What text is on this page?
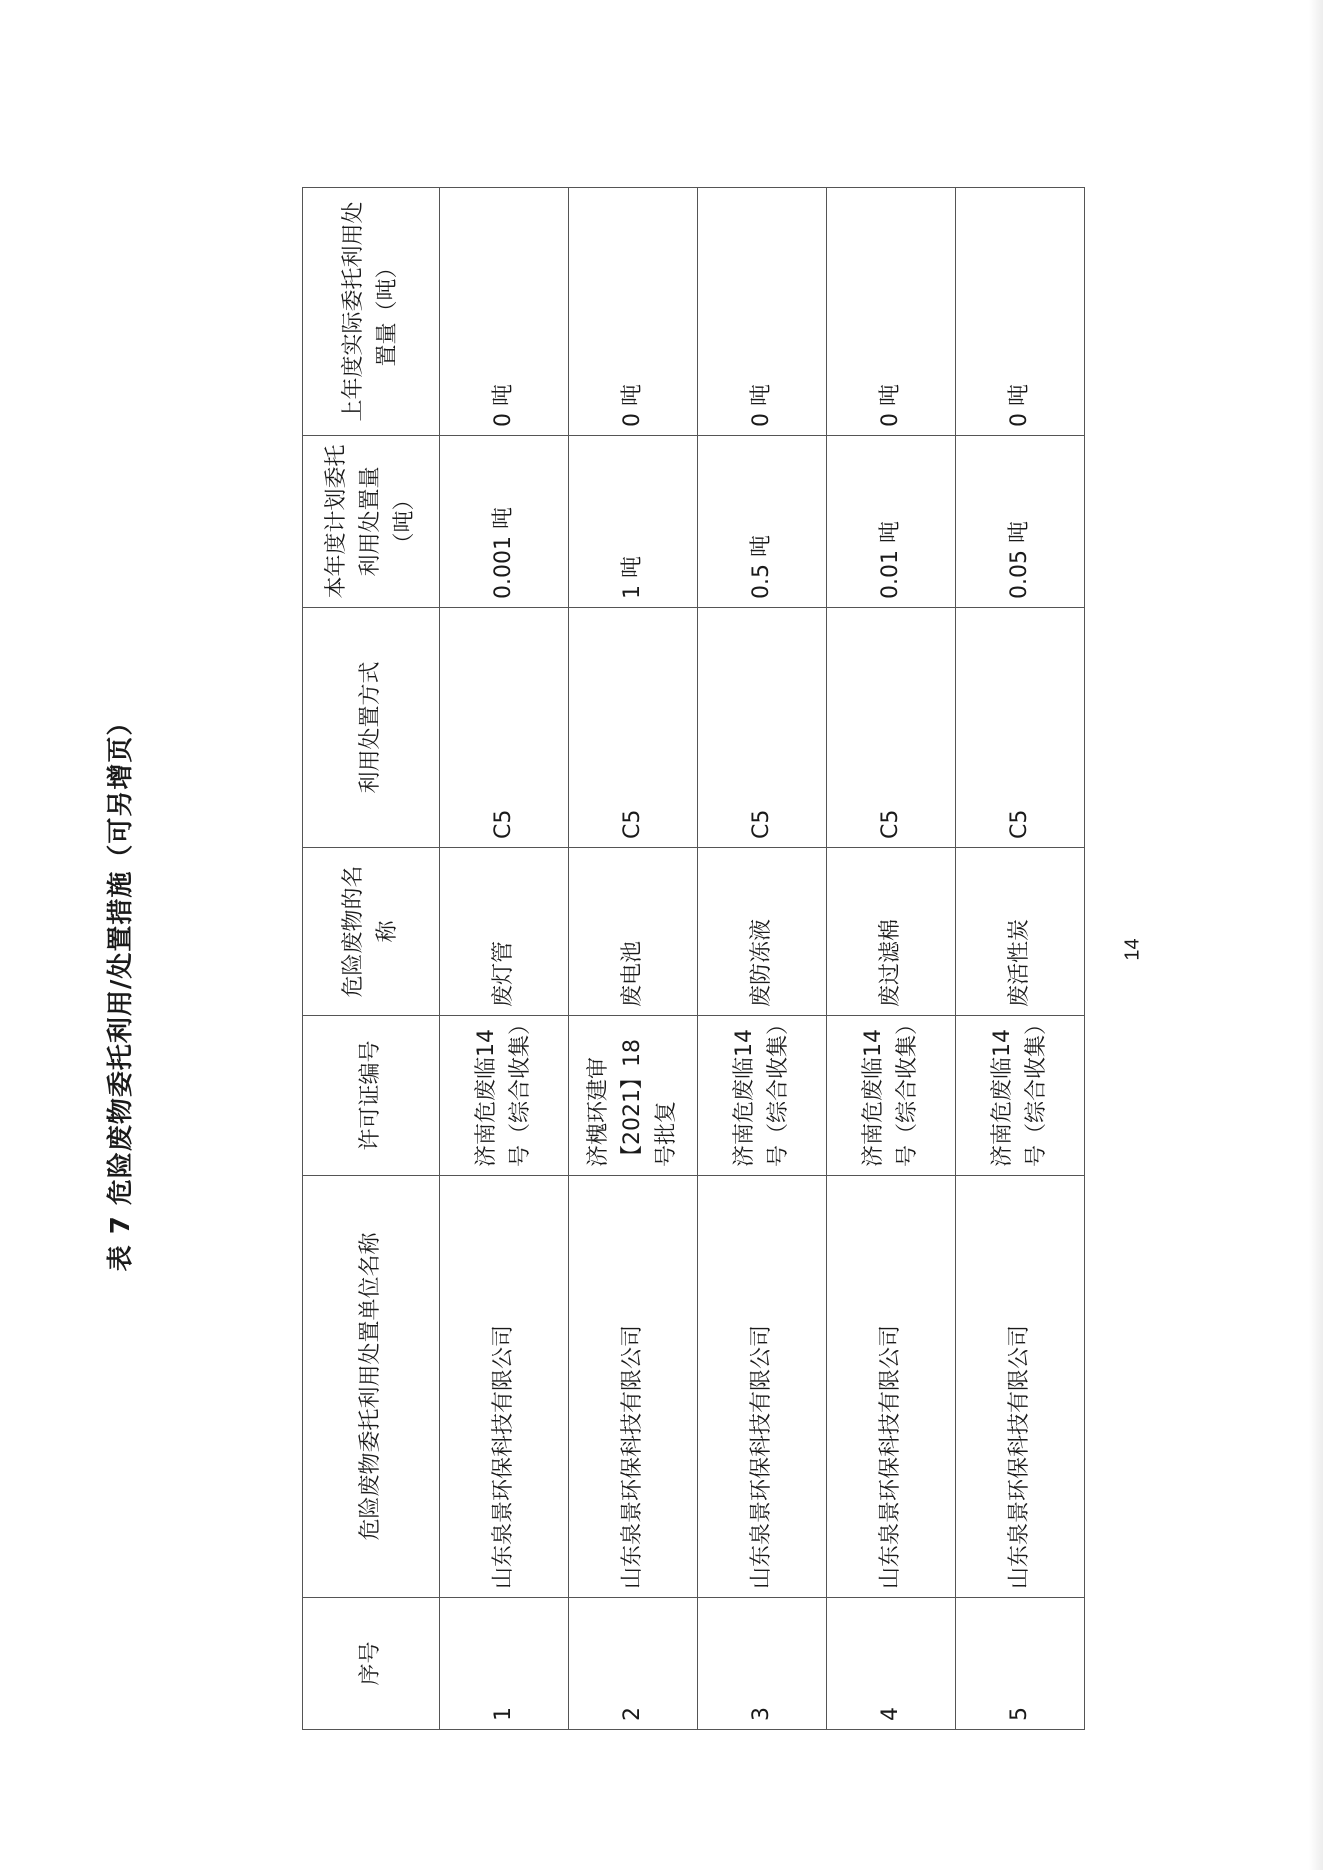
表 7 危险废物委托利用/处置措施（可另增页）
序号	危险废物委托利用处置单位名称	许可证编号	危险废物的名称	利用处置方式	本年度计划委托利用处置量（吨）	上年度实际委托利用处置量（吨）
1	山东泉景环保科技有限公司	济南危废临14 号（综合收集）	废灯管	C5	0.001 吨	0 吨
2	山东泉景环保科技有限公司	济槐环建审【2021】18号批复	废电池	C5	1 吨	0 吨
3	山东泉景环保科技有限公司	济南危废临14 号（综合收集）	废防冻液	C5	0.5 吨	0 吨
4	山东泉景环保科技有限公司	济南危废临14 号（综合收集）	废过滤棉	C5	0.01 吨	0 吨
5	山东泉景环保科技有限公司	济南危废临14 号（综合收集）	废活性炭	C5	0.05 吨	0 吨
14
